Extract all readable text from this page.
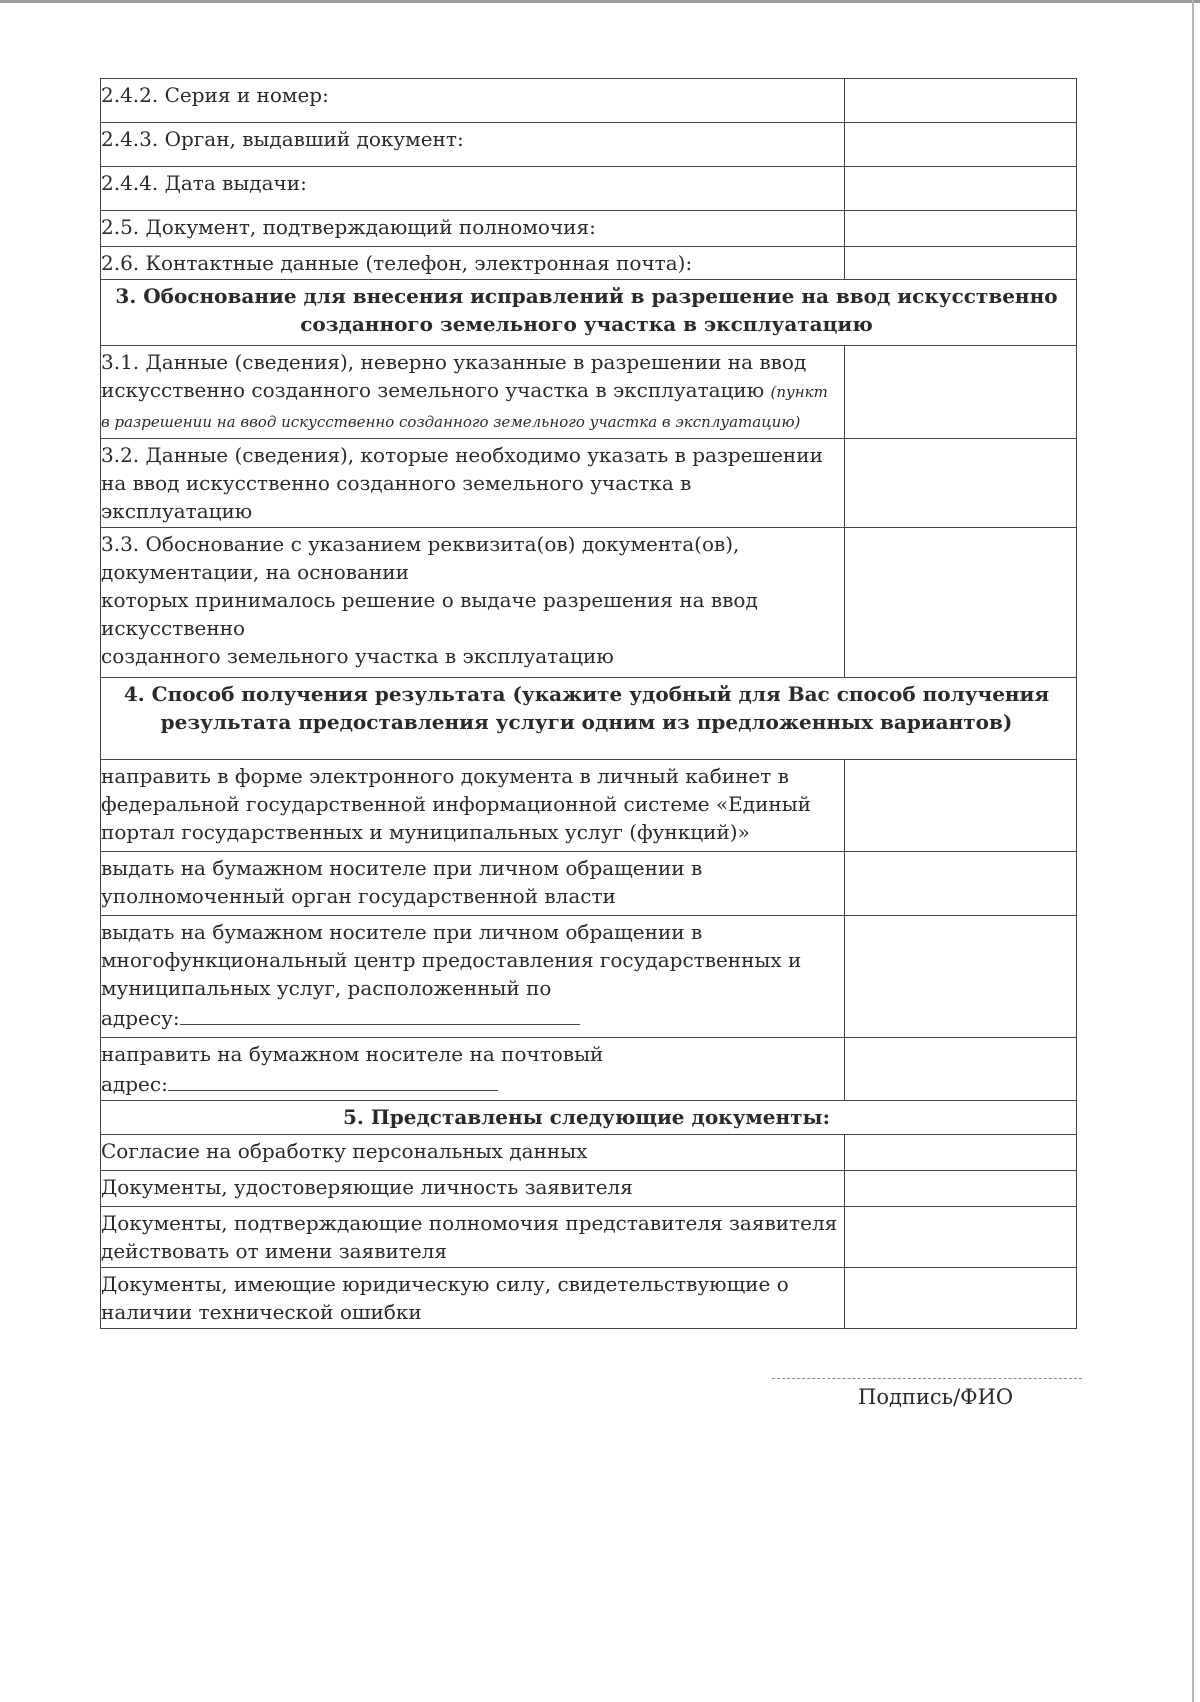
2.4.2. Серия и номер:	
2.4.3. Орган, выдавший документ:	
2.4.4. Дата выдачи:	
2.5. Документ, подтверждающий полномочия:	
2.6. Контактные данные (телефон, электронная почта):	
3. Обоснование для внесения исправлений в разрешение на ввод искусственно созданного земельного участка в эксплуатацию	
3.1. Данные (сведения), неверно указанные в разрешении на ввод искусственно созданного земельного участка в эксплуатацию (пункт в разрешении на ввод искусственно созданного земельного участка в эксплуатацию)	
3.2. Данные (сведения), которые необходимо указать в разрешении на ввод искусственно созданного земельного участка в эксплуатацию	
3.3. Обоснование с указанием реквизита(ов) документа(ов), документации, на основании
которых принималось решение о выдаче разрешения на ввод искусственно
созданного земельного участка в эксплуатацию	
4. Способ получения результата (укажите удобный для Вас способ получения результата предоставления услуги одним из предложенных вариантов)	
направить в форме электронного документа в личный кабинет в федеральной государственной информационной системе «Единый портал государственных и муниципальных услуг (функций)»	
выдать на бумажном носителе при личном обращении в уполномоченный орган государственной власти	
выдать на бумажном носителе при личном обращении в многофункциональный центр предоставления государственных и муниципальных услуг, расположенный по
адресу:	
направить на бумажном носителе на почтовый
адрес:	
5. Представлены следующие документы:	
Согласие на обработку персональных данных	
Документы, удостоверяющие личность заявителя	
Документы, подтверждающие полномочия представителя заявителя действовать от имени заявителя	
Документы, имеющие юридическую силу, свидетельствующие о наличии технической ошибки	
Подпись/ФИО
